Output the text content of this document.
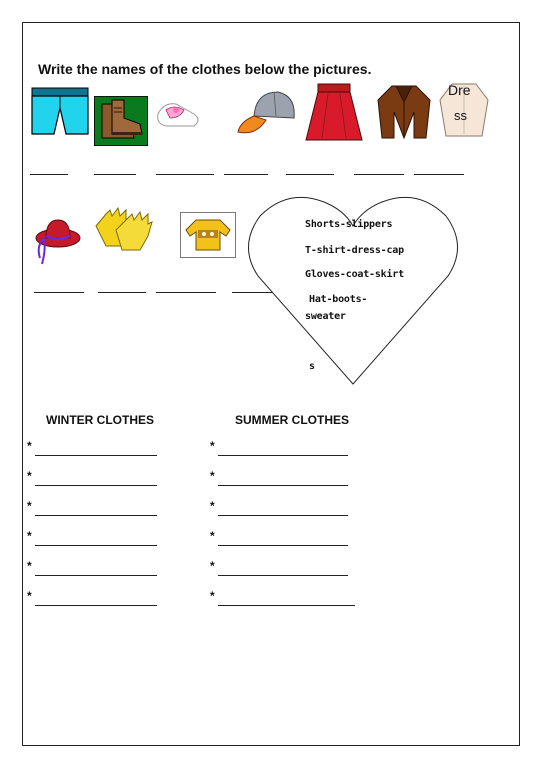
Write the names of the clothes below the pictures.
Dre
ss
Shorts-slippers
T-shirt-dress-cap
Gloves-coat-skirt
Hat-boots-
sweater
s
WINTER CLOTHES	SUMMER CLOTHES
*
*
*
*
*
*
*
*
*
*
*
*
